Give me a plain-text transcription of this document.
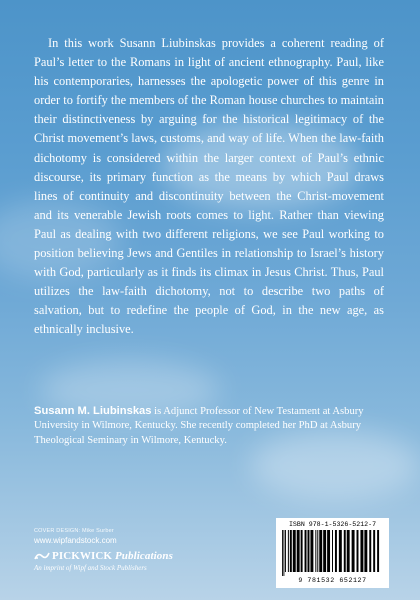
In this work Susann Liubinskas provides a coherent reading of Paul’s letter to the Romans in light of ancient ethnography. Paul, like his contemporaries, harnesses the apologetic power of this genre in order to fortify the members of the Roman house churches to maintain their distinctiveness by arguing for the historical legitimacy of the Christ movement’s laws, customs, and way of life. When the law-faith dichotomy is considered within the larger context of Paul’s ethnic discourse, its primary function as the means by which Paul draws lines of continuity and discontinuity between the Christ-movement and its venerable Jewish roots comes to light. Rather than viewing Paul as dealing with two different religions, we see Paul working to position believing Jews and Gentiles in relationship to Israel’s history with God, particularly as it finds its climax in Jesus Christ. Thus, Paul utilizes the law-faith dichotomy, not to describe two paths of salvation, but to redefine the people of God, in the new age, as ethnically inclusive.

Susann M. Liubinskas is Adjunct Professor of New Testament at Asbury University in Wilmore, Kentucky. She recently completed her PhD at Asbury Theological Seminary in Wilmore, Kentucky.

COVER DESIGN: Mike Surber
www.wipfandstock.com
PICKWICK Publications
An imprint of Wipf and Stock Publishers
ISBN 978-1-5326-5212-7
9 781532 652127
